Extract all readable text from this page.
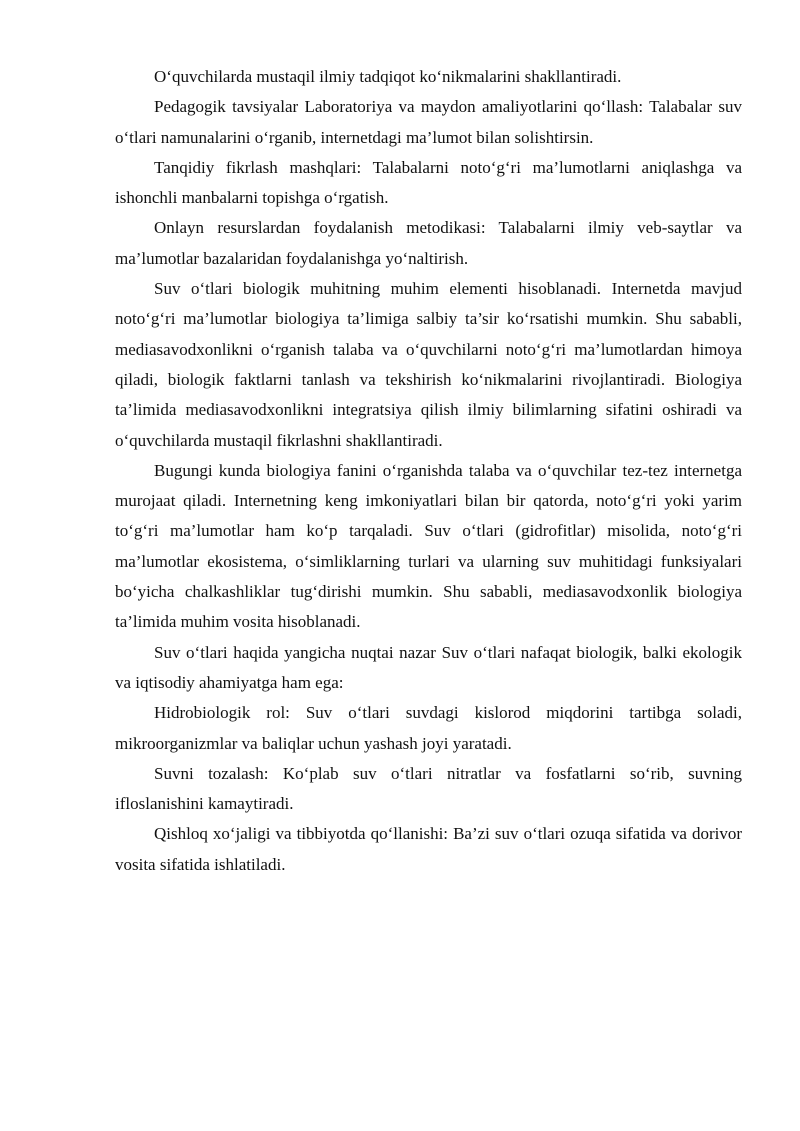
O‘quvchilarda mustaqil ilmiy tadqiqot ko‘nikmalarini shakllantiradi.

Pedagogik tavsiyalar Laboratoriya va maydon amaliyotlarini qo‘llash: Talabalar suv o‘tlari namunalarini o‘rganib, internetdagi ma’lumot bilan solishtirsin.

Tanqidiy fikrlash mashqlari: Talabalarni noto‘g‘ri ma’lumotlarni aniqlashga va ishonchli manbalarni topishga o‘rgatish.

Onlayn resurslardan foydalanish metodikasi: Talabalarni ilmiy veb-saytlar va ma’lumotlar bazalaridan foydalanishga yo‘naltirish.

Suv o‘tlari biologik muhitning muhim elementi hisoblanadi. Internetda mavjud noto‘g‘ri ma’lumotlar biologiya ta’limiga salbiy ta’sir ko‘rsatishi mumkin. Shu sababli, mediasavodxonlikni o‘rganish talaba va o‘quvchilarni noto‘g‘ri ma’lumotlardan himoya qiladi, biologik faktlarni tanlash va tekshirish ko‘nikmalarini rivojlantiradi. Biologiya ta’limida mediasavodxonlikni integratsiya qilish ilmiy bilimlarning sifatini oshiradi va o‘quvchilarda mustaqil fikrlashni shakllantiradi.

Bugungi kunda biologiya fanini o‘rganishda talaba va o‘quvchilar tez-tez internetga murojaat qiladi. Internetning keng imkoniyatlari bilan bir qatorda, noto‘g‘ri yoki yarim to‘g‘ri ma’lumotlar ham ko‘p tarqaladi. Suv o‘tlari (gidrofitlar) misolida, noto‘g‘ri ma’lumotlar ekosistema, o‘simliklarning turlari va ularning suv muhitidagi funksiyalari bo‘yicha chalkashliklar tug‘dirishi mumkin. Shu sababli, mediasavodxonlik biologiya ta’limida muhim vosita hisoblanadi.

Suv o‘tlari haqida yangicha nuqtai nazar Suv o‘tlari nafaqat biologik, balki ekologik va iqtisodiy ahamiyatga ham ega:

Hidrobiologik rol: Suv o‘tlari suvdagi kislorod miqdorini tartibga soladi, mikroorganizmlar va baliqlar uchun yashash joyi yaratadi.

Suvni tozalash: Ko‘plab suv o‘tlari nitratlar va fosfatlarni so‘rib, suvning ifloslanishini kamaytiradi.

Qishloq xo‘jaligi va tibbiyotda qo‘llanishi: Ba’zi suv o‘tlari ozuqa sifatida va dorivor vosita sifatida ishlatiladi.
